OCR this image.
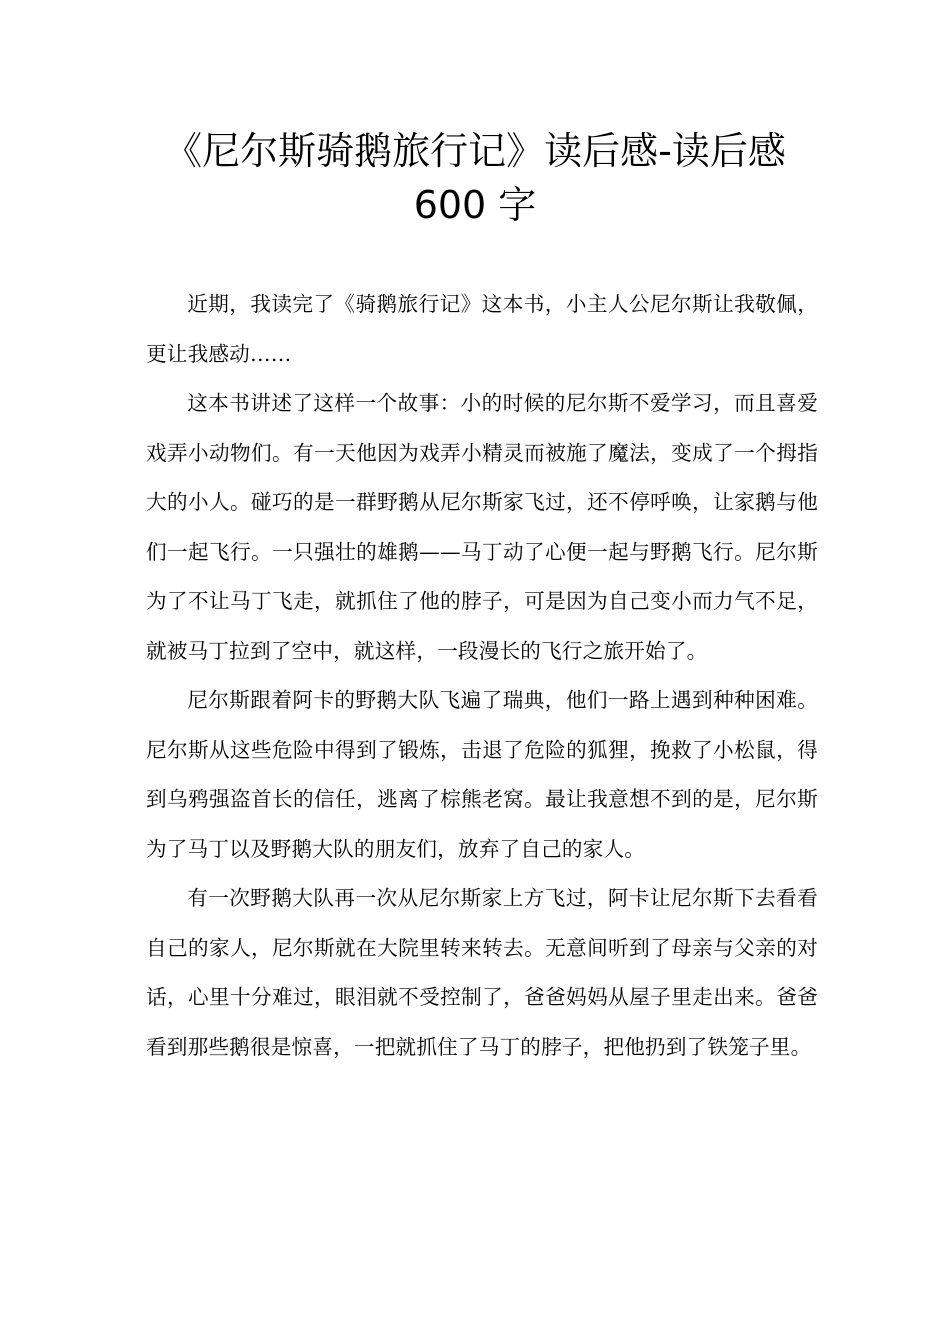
《尼尔斯骑鹅旅行记》读后感-读后感
600 字

近期，我读完了《骑鹅旅行记》这本书，小主人公尼尔斯让我敬佩，更让我感动……

这本书讲述了这样一个故事：小的时候的尼尔斯不爱学习，而且喜爱戏弄小动物们。有一天他因为戏弄小精灵而被施了魔法，变成了一个拇指大的小人。碰巧的是一群野鹅从尼尔斯家飞过，还不停呼唤，让家鹅与他们一起飞行。一只强壮的雄鹅——马丁动了心便一起与野鹅飞行。尼尔斯为了不让马丁飞走，就抓住了他的脖子，可是因为自己变小而力气不足，就被马丁拉到了空中，就这样，一段漫长的飞行之旅开始了。

尼尔斯跟着阿卡的野鹅大队飞遍了瑞典，他们一路上遇到种种困难。尼尔斯从这些危险中得到了锻炼，击退了危险的狐狸，挽救了小松鼠，得到乌鸦强盗首长的信任，逃离了棕熊老窝。最让我意想不到的是，尼尔斯为了马丁以及野鹅大队的朋友们，放弃了自己的家人。

有一次野鹅大队再一次从尼尔斯家上方飞过，阿卡让尼尔斯下去看看自己的家人，尼尔斯就在大院里转来转去。无意间听到了母亲与父亲的对话，心里十分难过，眼泪就不受控制了，爸爸妈妈从屋子里走出来。爸爸看到那些鹅很是惊喜，一把就抓住了马丁的脖子，把他扔到了铁笼子里。
